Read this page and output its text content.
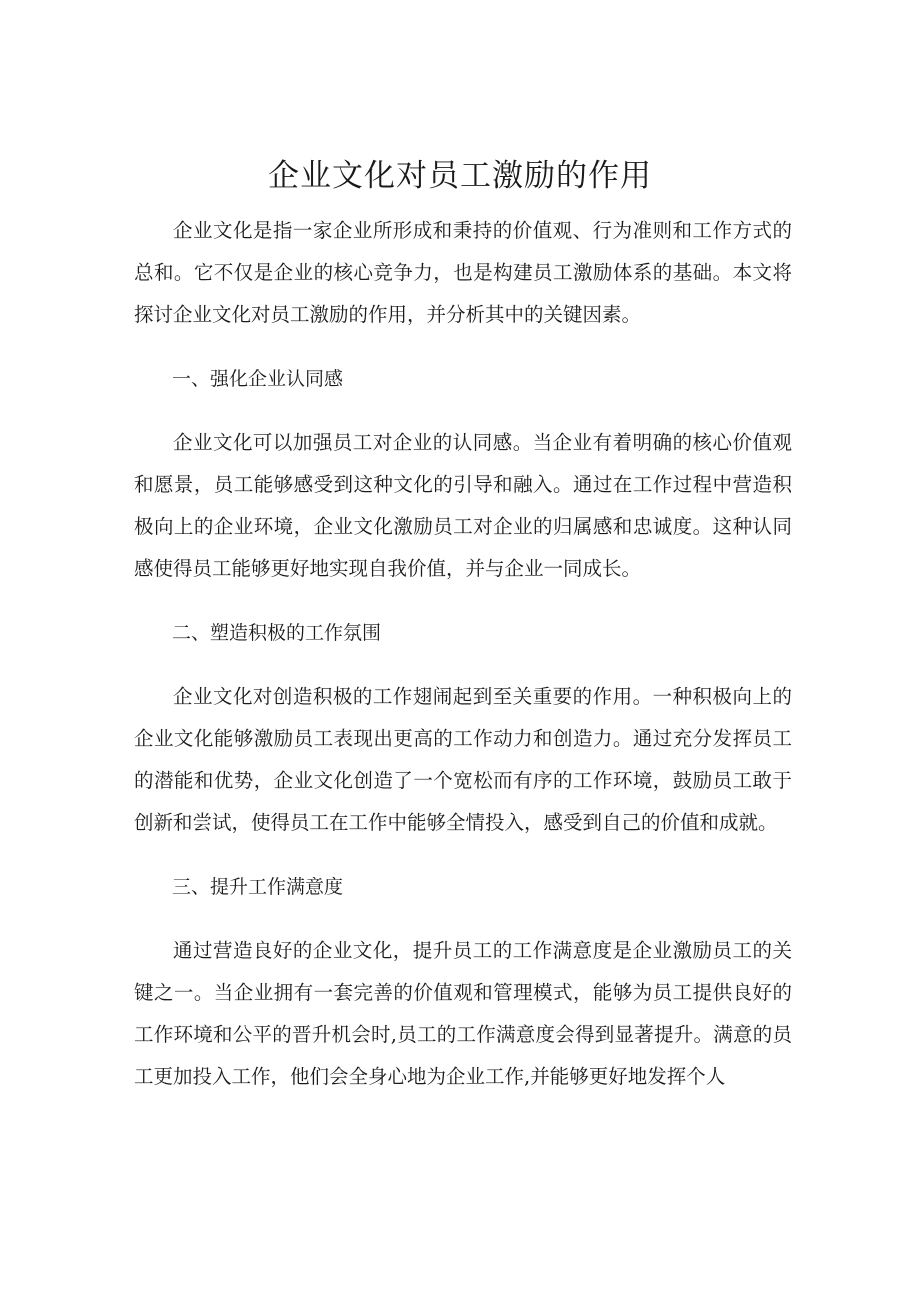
企业文化对员工激励的作用

企业文化是指一家企业所形成和秉持的价值观、行为准则和工作方式的总和。它不仅是企业的核心竞争力，也是构建员工激励体系的基础。本文将探讨企业文化对员工激励的作用，并分析其中的关键因素。

一、强化企业认同感

企业文化可以加强员工对企业的认同感。当企业有着明确的核心价值观和愿景，员工能够感受到这种文化的引导和融入。通过在工作过程中营造积极向上的企业环境，企业文化激励员工对企业的归属感和忠诚度。这种认同感使得员工能够更好地实现自我价值，并与企业一同成长。

二、塑造积极的工作氛围

企业文化对创造积极的工作翅闹起到至关重要的作用。一种积极向上的企业文化能够激励员工表现出更高的工作动力和创造力。通过充分发挥员工的潜能和优势，企业文化创造了一个宽松而有序的工作环境，鼓励员工敢于创新和尝试，使得员工在工作中能够全情投入，感受到自己的价值和成就。

三、提升工作满意度

通过营造良好的企业文化，提升员工的工作满意度是企业激励员工的关键之一。当企业拥有一套完善的价值观和管理模式，能够为员工提供良好的工作环境和公平的晋升机会时,员工的工作满意度会得到显著提升。满意的员工更加投入工作，他们会全身心地为企业工作,并能够更好地发挥个人
